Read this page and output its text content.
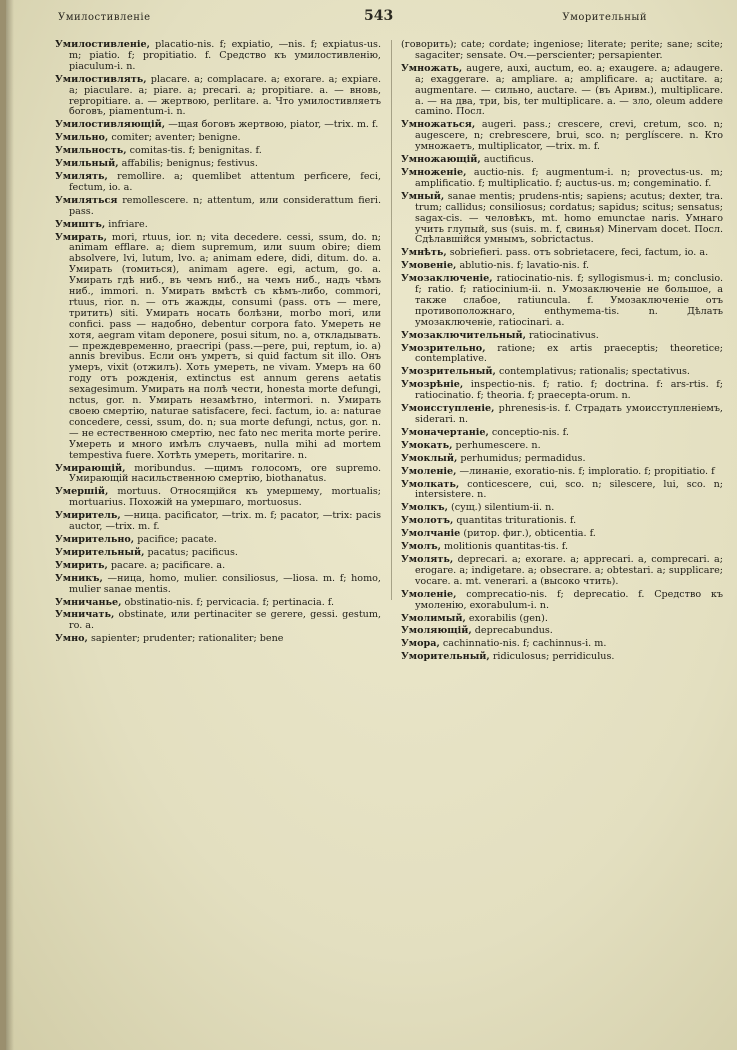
Умилостивленіе	543	Умоpительный

Умилостивленіе, placatio-nis. f; expiatio, —nis. f; expiatus-us. m; piatio. f; propitiatio. f. Средство къ умилостивленію, piaculum-i. n.

Умилостивлять, placare. a; complacare. a; exorare. a; expiare. a; piaculare. a; piare. a; precari. a; propitiare. a. — вновь, repropitiare. a. — жертвою, perlitare. a. Что умилостивляетъ боговъ, piamentum-i. n.

Умилостивляющій, —щая боговъ жертвою, piator, —trix. m. f.

Умильно, comiter; aventer; benigne.

Умильность, comitas-tis. f; benignitas. f.

Умильный, affabilis; benignus; festivus.

Умилять, remollire. a; quemlibet attentum perficere, feci, fectum, io. a.

Умиляться remollescere. n; attentum, или considerattum fieri. pass.

Умиштъ, infriare.

Умирать, mori, rtuus, ior. n; vita decedere. cessi, ssum, do. n; animam efflare. a; diem supremum, или suum obire; diem absolvere, lvi, lutum, lvo. a; animam edere, didi, ditum. do. a. Умирать (томиться), animam agere. egi, actum, go. a. Умирать гдѣ ниб., въ чемъ ниб., на чемъ ниб., надъ чѣмъ ниб., immori. n. Умирать вмѣстѣ съ кѣмъ-либо, commori, rtuus, rior. n. — отъ жажды, consumi (pass. отъ — mere, тритить) siti. Умирать носать болѣзни, morbo mori, или confici. pass — надобно, debentur corpora fato. Умереть не хотя, aegram vitam deponere, posui situm, no. a, откладывать. — преждевременно, praecripi (pass.—pere, pui, reptum, io. a) annis brevibus. Если онъ умретъ, si quid factum sit illo. Онъ умеръ, vixit (отжилъ). Хоть умереть, ne vivam. Умеръ на 60 году отъ рожденія, extinctus est annum gerens aetatis sexagesimum. Умирать на полѣ чести, honesta morte defungi, nctus, gor. n. Умирать незамѣтно, intermori. n. Умирать своею смертію, naturae satisfacere, feci. factum, io. a: naturae concedere, cessi, ssum, do. n; sua morte defungi, nctus, gor. n. — не естественною смертію, nec fato nec merita morte perire. Умереть и много имѣлъ случаевъ, nulla mihi ad mortem tempestiva fuere. Хотѣть умереть, moritarire. n.

Умирающій, moribundus. —щимъ голосомъ, ore supremo. Умирающій насильственною смертію, biothanatus.

Умершій, mortuus. Относящійся къ умершему, mortualis; mortuarius. Похожій на умершаго, mortuosus.

Умиритель, —ница. pacificator, —trix. m. f; pacator, —trix: pacis auctor, —trix. m. f.

Умирительно, pacifice; pacate.

Умирительный, pacatus; pacificus.

Умирить, pacare. a; pacificare. a.

Умникъ, —ница, homo, mulier. consiliosus, —liosa. m. f; homo, mulier sanae mentis.

Умничанье, obstinatio-nis. f; pervicacia. f; pertinacia. f.

Умничать, obstinate, или pertinaciter se gerere, gessi. gestum, ro. a.

Умно, sapienter; prudenter; rationaliter; bene

(говорить); cate; cordate; ingeniose; literate; perite; sane; scite; sagaciter; sensate. Оч.—perscienter; persapienter.

Умножать, augere, auxi, auctum, eo. a; exaugere. a; adaugere. a; exaggerare. a; ampliare. a; amplificare. a; auctitare. a; augmentare. — сильно, auctare. — (въ Аривм.), multiplicare. a. — на два, три, bis, ter multiplicare. a. — зло, oleum addere camino. Посл.

Умножаться, augeri. pass.; crescere, crevi, cretum, sco. n; augescere, n; crebrescere, brui, sco. n; perglíscere. n. Кто умножаетъ, multiplicator, —trix. m. f.

Умножающій, auctificus.

Умноженіе, auctio-nis. f; augmentum-i. n; provectus-us. m; amplificatio. f; multiplicatio. f; auctus-us. m; congeminatio. f.

Умный, sanae mentis; prudens-ntis; sapiens; acutus; dexter, tra. trum; callidus; consiliosus; cordatus; sapidus; scitus; sensatus; sagax-cis. — человѣкъ, mt. homo emunctae naris. Умнаго учить глупый, sus (suis. m. f, свинья) Minervam docet. Посл. Сдѣлавшійся умнымъ, sobrictactus.

Умнѣть, sobriefieri. pass. отъ sobrietacere, feci, factum, io. a.

Умовеніе, ablutio-nis. f; lavatio-nis. f.

Умозаключеніе, ratiocinatio-nis. f; syllogismus-i. m; conclusio. f; ratio. f; ratiocinium-ii. n. Умозаключеніе не большое, а также слабое, ratiuncula. f. Умозаключеніе отъ противоположнаго, enthymema-tis. n. Дѣлать умозаключеніе, ratiocinari. a.

Умозаключительный, ratiocinativus.

Умозрительно, ratione; ex artis praeceptis; theoretice; contemplative.

Умозрительный, contemplativus; rationalis; spectativus.

Умозрѣніе, inspectio-nis. f; ratio. f; doctrina. f: ars-rtis. f; ratiocinatio. f; theoria. f; praecepta-orum. n.

Умоисступленіе, phrenesis-is. f. Страдать умоисступленіемъ, siderari. n.

Умоначертаніе, conceptio-nis. f.

Умокать, perhumescere. n.

Умоклый, perhumidus; permadidus.

Умоленіе, —линаніе, exoratio-nis. f; imploratio. f; propitiatio. f

Умолкать, conticescere, cui, sco. n; silescere, lui, sco. n; intersistere. n.

Умолкъ, (сущ.) silentium-ii. n.

Умолотъ, quantitas triturationis. f.

Умолчаніе (ритор. фиг.), obticentia. f.

Умолъ, molitionis quantitas-tis. f.

Умолять, deprecari. a; exorare. a; apprecari. a, comprecari. a; erogare. a; indigetare. a; obsecrare. a; obtestari. a; supplicare; vocare. a. mt. venerari. a (высоко чтить).

Умоленіе, comprecatio-nis. f; deprecatio. f. Средство къ умоленію, exorabulum-i. n.

Умолимый, exorabilis (gen).

Умоляющій, deprecabundus.

Умора, cachinnatio-nis. f; cachinnus-i. m.

Умоpительный, ridiculosus; perridiculus.
